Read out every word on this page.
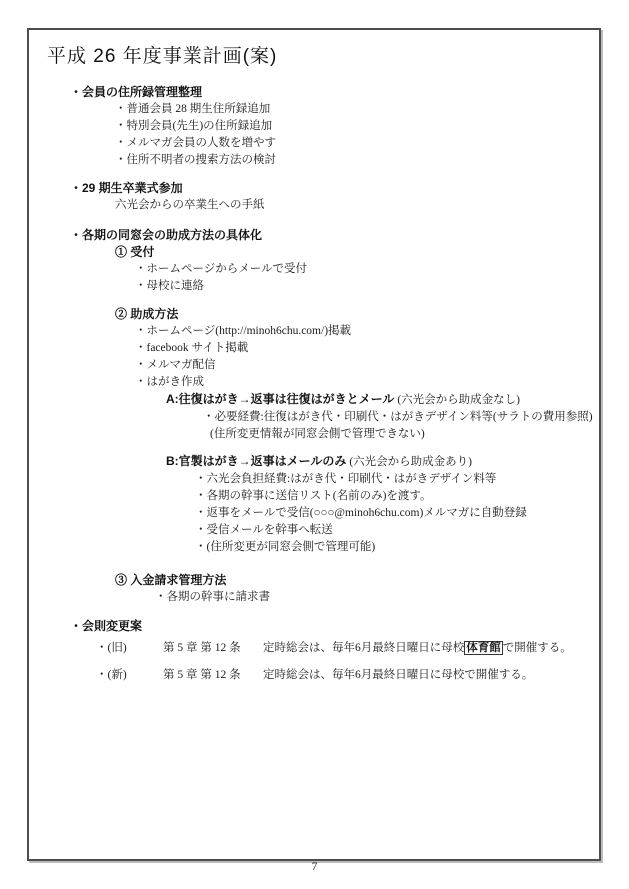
平成 26 年度事業計画(案)
・会員の住所録管理整理
・普通会員 28 期生住所録追加
・特別会員(先生)の住所録追加
・メルマガ会員の人数を増やす
・住所不明者の捜索方法の検討
・29 期生卒業式参加
六光会からの卒業生への手紙
・各期の同窓会の助成方法の具体化
① 受付
・ホームページからメールで受付
・母校に連絡
② 助成方法
・ホームページ(http://minoh6chu.com/)掲載
・facebook サイト掲載
・メルマガ配信
・はがき作成
A:往復はがき→返事は往復はがきとメール (六光会から助成金なし)
・必要経費:往復はがき代・印刷代・はがきデザイン料等(サラトの費用参照)
(住所変更情報が同窓会側で管理できない)
B:官製はがき→返事はメールのみ (六光会から助成金あり)
・六光会負担経費:はがき代・印刷代・はがきデザイン料等
・各期の幹事に送信リスト(名前のみ)を渡す。
・返事をメールで受信(○○○@minoh6chu.com)メルマガに自動登録
・受信メールを幹事へ転送
・(住所変更が同窓会側で管理可能)
③ 入金請求管理方法
・各期の幹事に請求書
・会則変更案
・(旧)	第 5 章 第 12 条 定時総会は、毎年6月最終日曜日に母校 体育館 で開催する。
・(新)	第 5 章 第 12 条 定時総会は、毎年6月最終日曜日に母校で開催する。
7
